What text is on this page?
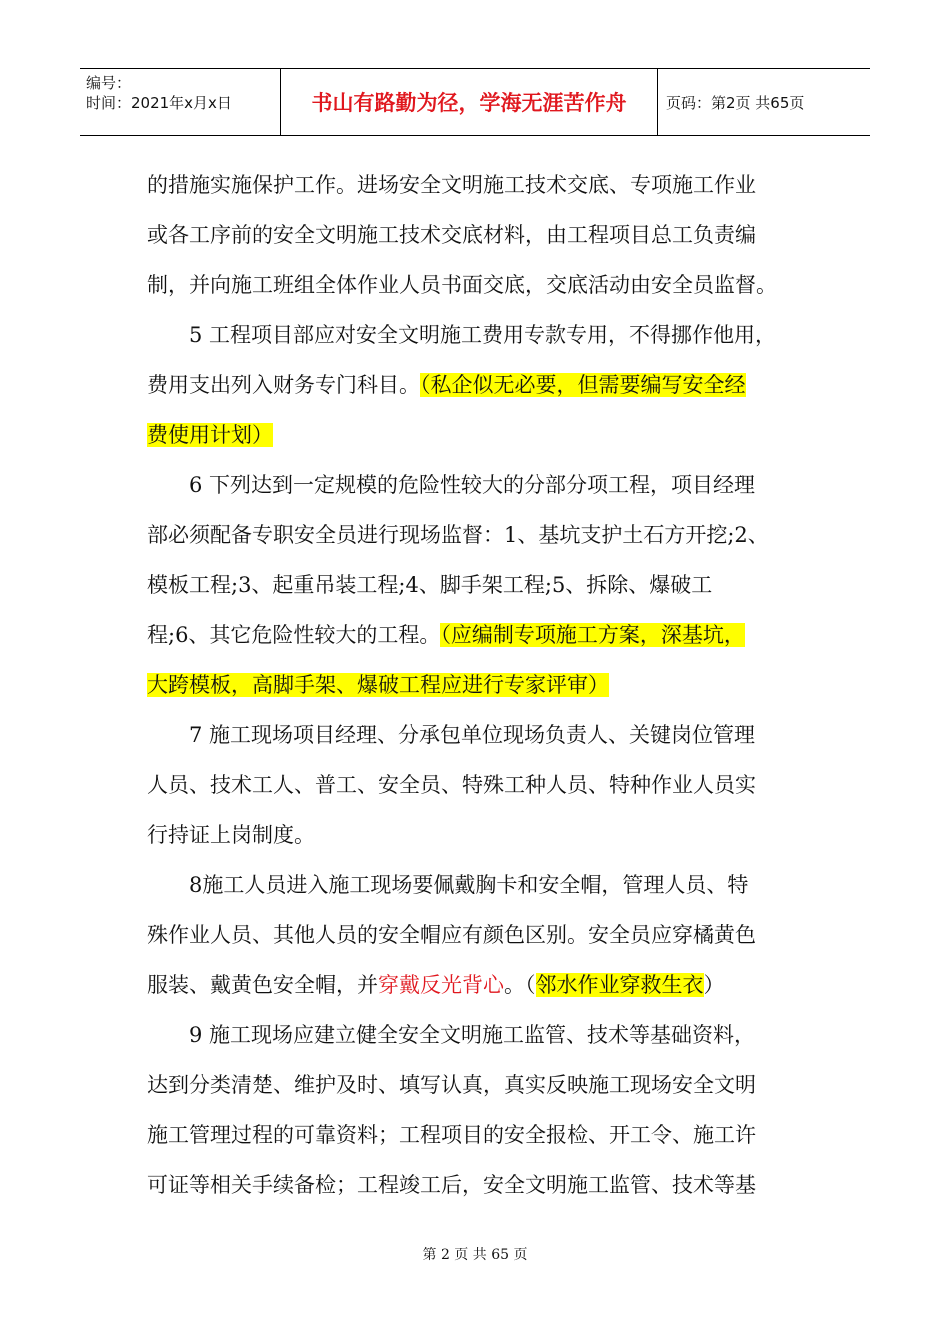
编号：
时间：2021年x月x日	书山有路勤为径，学海无涯苦作舟	页码：第2页 共65页
的措施实施保护工作。进场安全文明施工技术交底、专项施工作业
或各工序前的安全文明施工技术交底材料，由工程项目总工负责编
制，并向施工班组全体作业人员书面交底，交底活动由安全员监督。
5 工程项目部应对安全文明施工费用专款专用，不得挪作他用，
费用支出列入财务专门科目。（私企似无必要，但需要编写安全经
费使用计划）
6 下列达到一定规模的危险性较大的分部分项工程，项目经理
部必须配备专职安全员进行现场监督：1、基坑支护土石方开挖;2、
模板工程;3、起重吊装工程;4、脚手架工程;5、拆除、爆破工
程;6、其它危险性较大的工程。（应编制专项施工方案，深基坑，
大跨模板，高脚手架、爆破工程应进行专家评审）
7 施工现场项目经理、分承包单位现场负责人、关键岗位管理
人员、技术工人、普工、安全员、特殊工种人员、特种作业人员实
行持证上岗制度。
8施工人员进入施工现场要佩戴胸卡和安全帽，管理人员、特
殊作业人员、其他人员的安全帽应有颜色区别。安全员应穿橘黄色
服装、戴黄色安全帽，并穿戴反光背心。（邻水作业穿救生衣）
9 施工现场应建立健全安全文明施工监管、技术等基础资料，
达到分类清楚、维护及时、填写认真，真实反映施工现场安全文明
施工管理过程的可靠资料；工程项目的安全报检、开工令、施工许
可证等相关手续备检；工程竣工后，安全文明施工监管、技术等基
第 2 页 共 65 页
